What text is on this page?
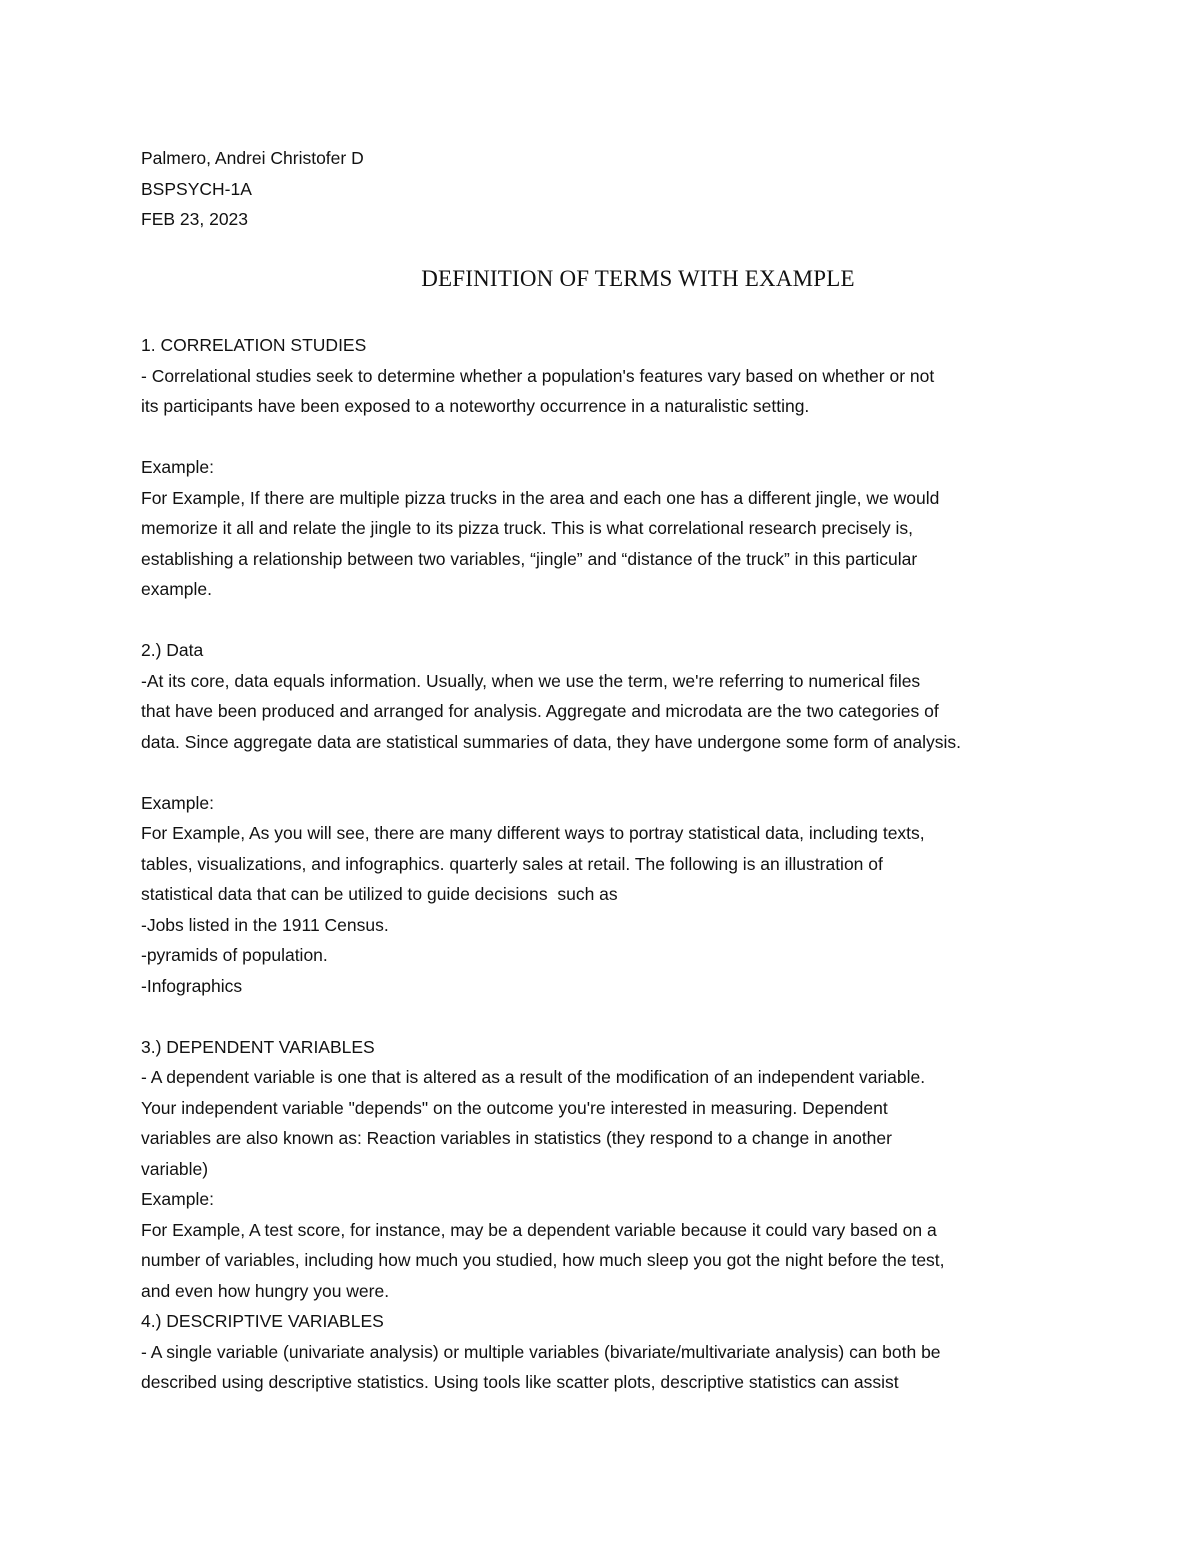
Palmero, Andrei Christofer D
BSPSYCH-1A
FEB 23, 2023
DEFINITION OF TERMS WITH EXAMPLE
1. CORRELATION STUDIES
- Correlational studies seek to determine whether a population's features vary based on whether or not
its participants have been exposed to a noteworthy occurrence in a naturalistic setting.
Example:
For Example, If there are multiple pizza trucks in the area and each one has a different jingle, we would
memorize it all and relate the jingle to its pizza truck. This is what correlational research precisely is,
establishing a relationship between two variables, “jingle” and “distance of the truck” in this particular
example.
2.) Data
-At its core, data equals information. Usually, when we use the term, we're referring to numerical files
that have been produced and arranged for analysis. Aggregate and microdata are the two categories of
data. Since aggregate data are statistical summaries of data, they have undergone some form of analysis.
Example:
For Example, As you will see, there are many different ways to portray statistical data, including texts,
tables, visualizations, and infographics. quarterly sales at retail. The following is an illustration of
statistical data that can be utilized to guide decisions  such as
-Jobs listed in the 1911 Census.
-pyramids of population.
-Infographics
3.) DEPENDENT VARIABLES
- A dependent variable is one that is altered as a result of the modification of an independent variable.
Your independent variable "depends" on the outcome you're interested in measuring. Dependent
variables are also known as: Reaction variables in statistics (they respond to a change in another
variable)
Example:
For Example, A test score, for instance, may be a dependent variable because it could vary based on a
number of variables, including how much you studied, how much sleep you got the night before the test,
and even how hungry you were.
4.) DESCRIPTIVE VARIABLES
- A single variable (univariate analysis) or multiple variables (bivariate/multivariate analysis) can both be
described using descriptive statistics. Using tools like scatter plots, descriptive statistics can assist
